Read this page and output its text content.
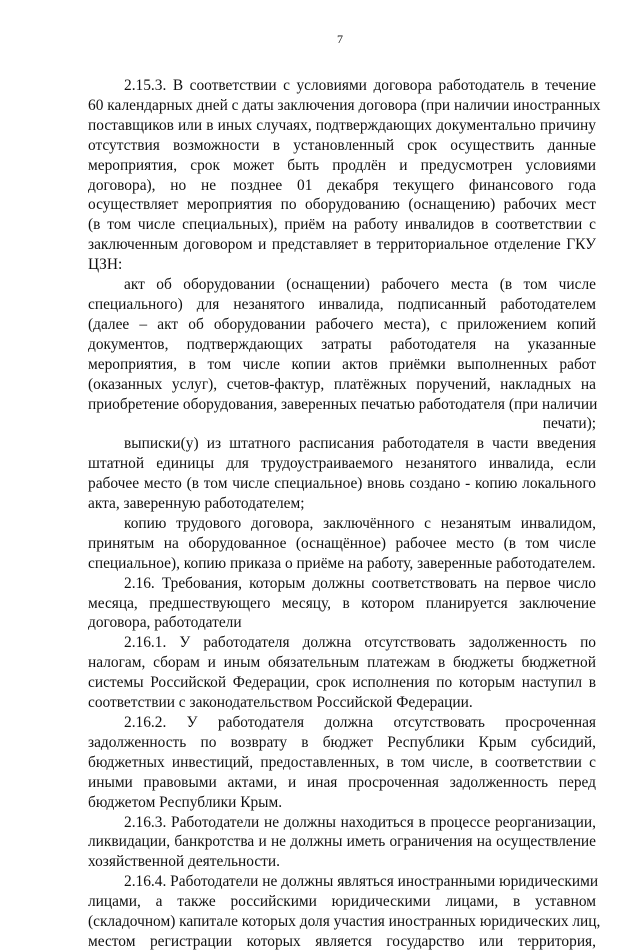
7

2.15.3. В соответствии с условиями договора работодатель в течение
60 календарных дней с даты заключения договора (при наличии иностранных
поставщиков или в иных случаях, подтверждающих документально причину
отсутствия возможности в установленный срок осуществить данные
мероприятия, срок может быть продлён и предусмотрен условиями
договора), но не позднее 01 декабря текущего финансового года
осуществляет мероприятия по оборудованию (оснащению) рабочих мест
(в том числе специальных), приём на работу инвалидов в соответствии с
заключенным договором и представляет в территориальное отделение ГКУ
ЦЗН:

акт об оборудовании (оснащении) рабочего места (в том числе
специального) для незанятого инвалида, подписанный работодателем
(далее – акт об оборудовании рабочего места), с приложением копий
документов, подтверждающих затраты работодателя на указанные
мероприятия, в том числе копии актов приёмки выполненных работ
(оказанных услуг), счетов-фактур, платёжных поручений, накладных на
приобретение оборудования, заверенных печатью работодателя (при наличии
печати);

выписки(у) из штатного расписания работодателя в части введения
штатной единицы для трудоустраиваемого незанятого инвалида, если
рабочее место (в том числе специальное) вновь создано - копию локального
акта, заверенную работодателем;

копию трудового договора, заключённого с незанятым инвалидом,
принятым на оборудованное (оснащённое) рабочее место (в том числе
специальное), копию приказа о приёме на работу, заверенные работодателем.

2.16. Требования, которым должны соответствовать на первое число
месяца, предшествующего месяцу, в котором планируется заключение
договора, работодатели

2.16.1. У работодателя должна отсутствовать задолженность по
налогам, сборам и иным обязательным платежам в бюджеты бюджетной
системы Российской Федерации, срок исполнения по которым наступил в
соответствии с законодательством Российской Федерации.

2.16.2. У работодателя должна отсутствовать просроченная
задолженность по возврату в бюджет Республики Крым субсидий,
бюджетных инвестиций, предоставленных, в том числе, в соответствии с
иными правовыми актами, и иная просроченная задолженность перед
бюджетом Республики Крым.

2.16.3. Работодатели не должны находиться в процессе реорганизации,
ликвидации, банкротства и не должны иметь ограничения на осуществление
хозяйственной деятельности.

2.16.4. Работодатели не должны являться иностранными юридическими
лицами, а также российскими юридическими лицами, в уставном
(складочном) капитале которых доля участия иностранных юридических лиц,
местом регистрации которых является государство или территория,
